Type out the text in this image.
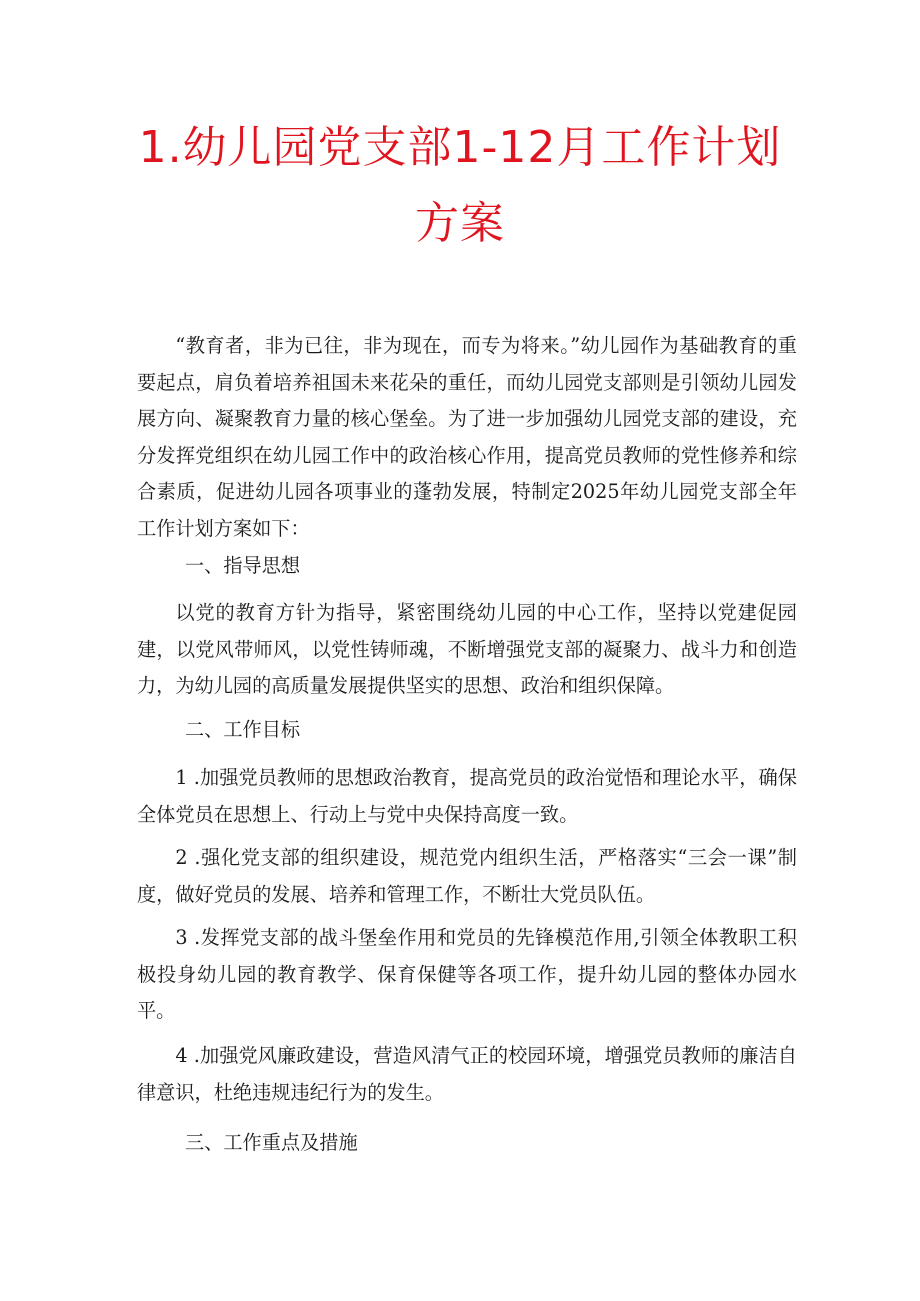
1.幼儿园党支部1-12月工作计划
方案

“教育者，非为已往，非为现在，而专为将来。”幼儿园作为基础教育的重要起点，肩负着培养祖国未来花朵的重任，而幼儿园党支部则是引领幼儿园发展方向、凝聚教育力量的核心堡垒。为了进一步加强幼儿园党支部的建设，充分发挥党组织在幼儿园工作中的政治核心作用，提高党员教师的党性修养和综合素质，促进幼儿园各项事业的蓬勃发展，特制定2025年幼儿园党支部全年工作计划方案如下：

一、指导思想

以党的教育方针为指导，紧密围绕幼儿园的中心工作，坚持以党建促园建，以党风带师风，以党性铸师魂，不断增强党支部的凝聚力、战斗力和创造力，为幼儿园的高质量发展提供坚实的思想、政治和组织保障。

二、工作目标

1 .加强党员教师的思想政治教育，提高党员的政治觉悟和理论水平，确保全体党员在思想上、行动上与党中央保持高度一致。

2 .强化党支部的组织建设，规范党内组织生活，严格落实“三会一课”制度，做好党员的发展、培养和管理工作，不断壮大党员队伍。

3 .发挥党支部的战斗堡垒作用和党员的先锋模范作用,引领全体教职工积极投身幼儿园的教育教学、保育保健等各项工作，提升幼儿园的整体办园水平。

4 .加强党风廉政建设，营造风清气正的校园环境，增强党员教师的廉洁自律意识，杜绝违规违纪行为的发生。

三、工作重点及措施
